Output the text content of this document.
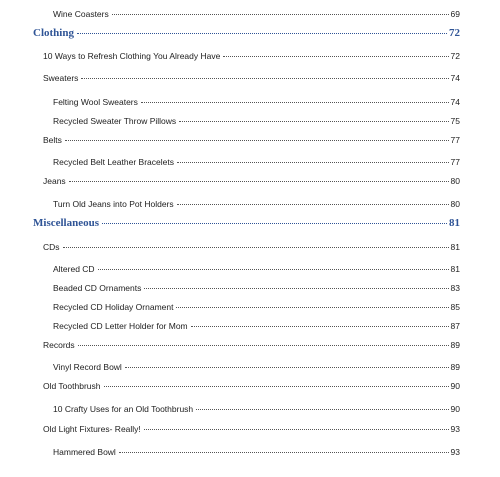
Wine Coasters	69
Clothing	72
10 Ways to Refresh Clothing You Already Have	72
Sweaters	74
Felting Wool Sweaters	74
Recycled Sweater Throw Pillows	75
Belts	77
Recycled Belt Leather Bracelets	77
Jeans	80
Turn Old Jeans into Pot Holders	80
Miscellaneous	81
CDs	81
Altered CD	81
Beaded CD Ornaments	83
Recycled CD Holiday Ornament	85
Recycled CD Letter Holder for Mom	87
Records	89
Vinyl Record Bowl	89
Old Toothbrush	90
10 Crafty Uses for an Old Toothbrush	90
Old Light Fixtures- Really!	93
Hammered Bowl	93
